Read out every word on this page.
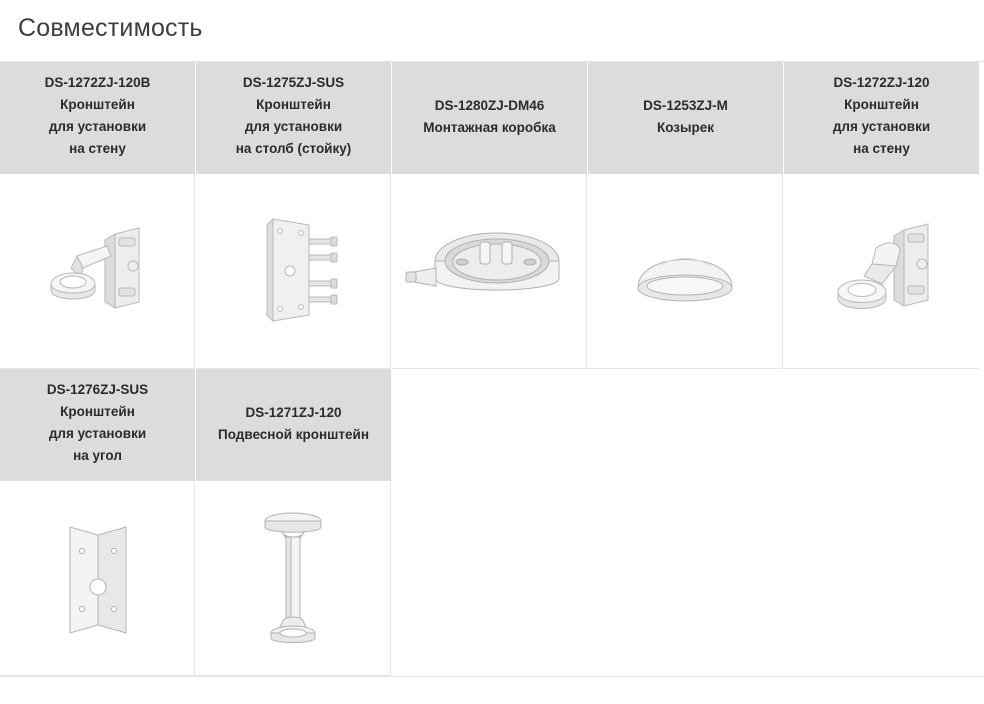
Совместимость
DS-1272ZJ-120B
Кронштейн
для установки
на стену
DS-1275ZJ-SUS
Кронштейн
для установки
на столб (стойку)
DS-1280ZJ-DM46
Монтажная коробка
DS-1253ZJ-M
Козырек
DS-1272ZJ-120
Кронштейн
для установки
на стену
DS-1276ZJ-SUS
Кронштейн
для установки
на угол
DS-1271ZJ-120
Подвесной кронштейн
